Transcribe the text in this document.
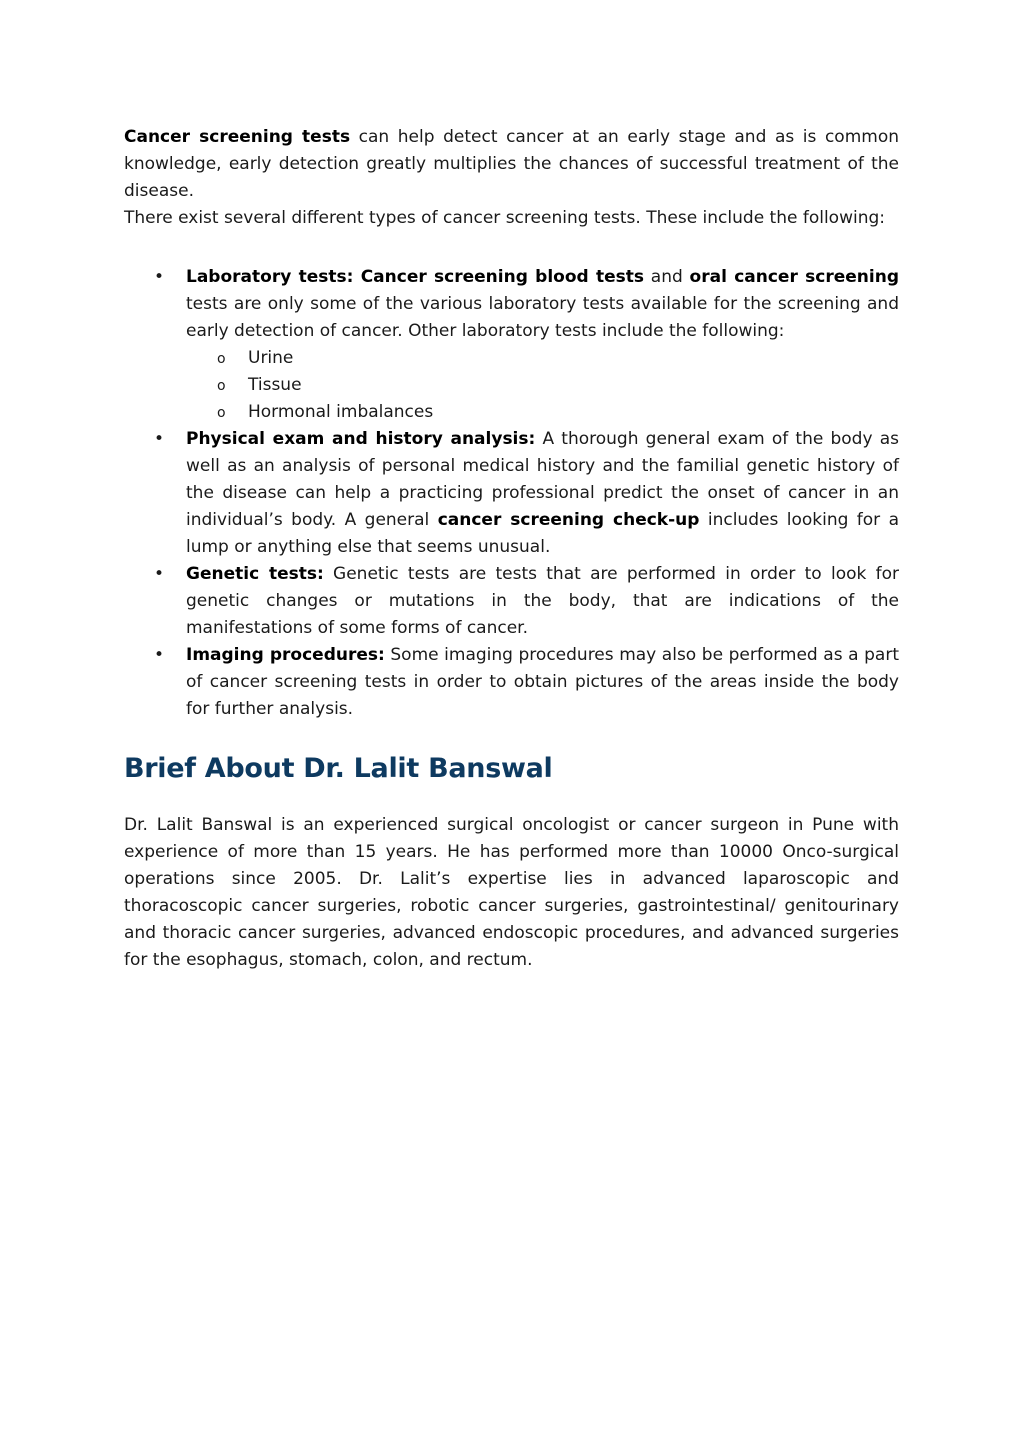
Cancer screening tests can help detect cancer at an early stage and as is common knowledge, early detection greatly multiplies the chances of successful treatment of the disease.

There exist several different types of cancer screening tests. These include the following:

• Laboratory tests: Cancer screening blood tests and oral cancer screening tests are only some of the various laboratory tests available for the screening and early detection of cancer. Other laboratory tests include the following:
o Urine
o Tissue
o Hormonal imbalances
• Physical exam and history analysis: A thorough general exam of the body as well as an analysis of personal medical history and the familial genetic history of the disease can help a practicing professional predict the onset of cancer in an individual’s body. A general cancer screening check-up includes looking for a lump or anything else that seems unusual.
• Genetic tests: Genetic tests are tests that are performed in order to look for genetic changes or mutations in the body, that are indications of the manifestations of some forms of cancer.
• Imaging procedures: Some imaging procedures may also be performed as a part of cancer screening tests in order to obtain pictures of the areas inside the body for further analysis.
Brief About Dr. Lalit Banswal

Dr. Lalit Banswal is an experienced surgical oncologist or cancer surgeon in Pune with experience of more than 15 years. He has performed more than 10000 Onco-surgical operations since 2005. Dr. Lalit’s expertise lies in advanced laparoscopic and thoracoscopic cancer surgeries, robotic cancer surgeries, gastrointestinal/ genitourinary and thoracic cancer surgeries, advanced endoscopic procedures, and advanced surgeries for the esophagus, stomach, colon, and rectum.
